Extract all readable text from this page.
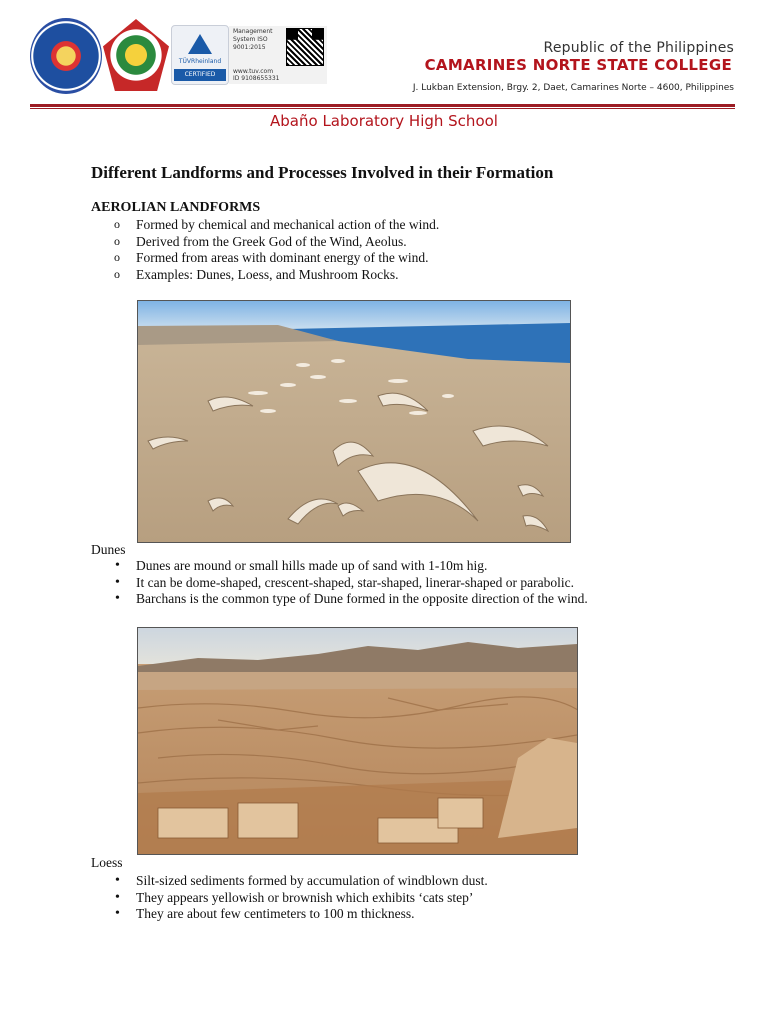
TÜVRheinland
CERTIFIED
Management System ISO 9001:2015
www.tuv.com
ID 9108655331
Republic of the Philippines
CAMARINES NORTE STATE COLLEGE
J. Lukban Extension, Brgy. 2, Daet, Camarines Norte – 4600, Philippines
Abaño Laboratory High School
Different Landforms and Processes Involved in their Formation
AEROLIAN LANDFORMS
o Formed by chemical and mechanical action of the wind.
o Derived from the Greek God of the Wind, Aeolus.
o Formed from areas with dominant energy of the wind.
o Examples: Dunes, Loess, and Mushroom Rocks.
Dunes
• Dunes are mound or small hills made up of sand with 1-10m hig.
• It can be dome-shaped, crescent-shaped, star-shaped, linerar-shaped or parabolic.
• Barchans is the common type of Dune formed in the opposite direction of the wind.
Loess
• Silt-sized sediments formed by accumulation of windblown dust.
• They appears yellowish or brownish which exhibits ‘cats step’
• They are about few centimeters to 100 m thickness.
